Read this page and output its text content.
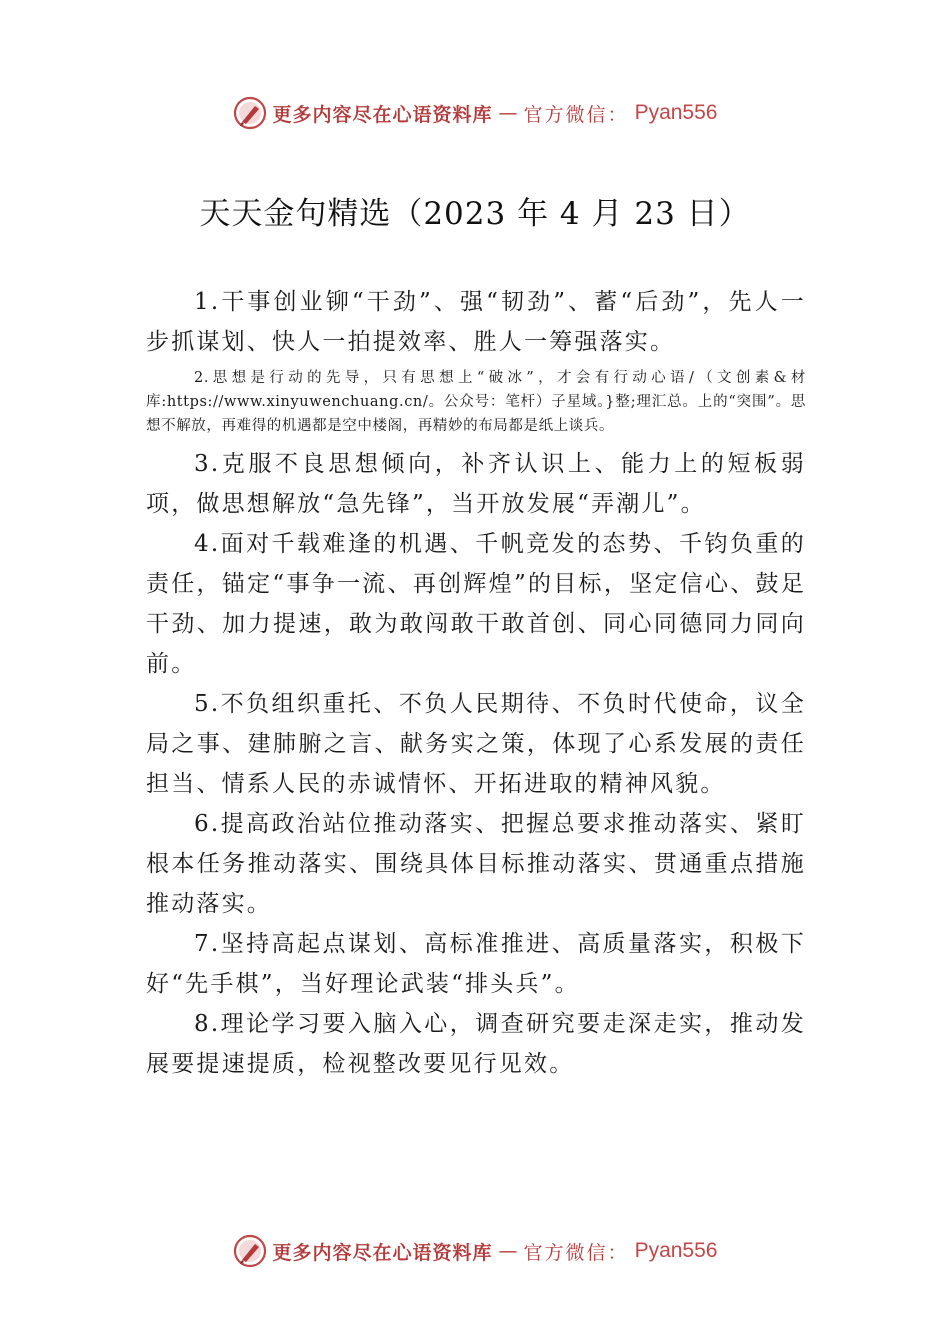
更多内容尽在心语资料库 — 官方微信： Pyan556
天天金句精选（2023 年 4 月 23 日）

1.干事创业铆“干劲”、强“韧劲”、蓄“后劲”，先人一步抓谋划、快人一拍提效率、胜人一筹强落实。

2.思想是行动的先导，只有思想上“破冰”，才会有行动心语/（文创素&材库:https://www.xinyuwenchuang.cn/。公众号：笔杆）子星域。}整;理汇总。上的“突围”。思想不解放，再难得的机遇都是空中楼阁，再精妙的布局都是纸上谈兵。

3.克服不良思想倾向，补齐认识上、能力上的短板弱项，做思想解放“急先锋”，当开放发展“弄潮儿”。

4.面对千载难逢的机遇、千帆竞发的态势、千钧负重的责任，锚定“事争一流、再创辉煌”的目标，坚定信心、鼓足干劲、加力提速，敢为敢闯敢干敢首创、同心同德同力同向前。

5.不负组织重托、不负人民期待、不负时代使命，议全局之事、建肺腑之言、献务实之策，体现了心系发展的责任担当、情系人民的赤诚情怀、开拓进取的精神风貌。

6.提高政治站位推动落实、把握总要求推动落实、紧盯根本任务推动落实、围绕具体目标推动落实、贯通重点措施推动落实。

7.坚持高起点谋划、高标准推进、高质量落实，积极下好“先手棋”，当好理论武装“排头兵”。

8.理论学习要入脑入心，调查研究要走深走实，推动发展要提速提质，检视整改要见行见效。

更多内容尽在心语资料库 — 官方微信： Pyan556
